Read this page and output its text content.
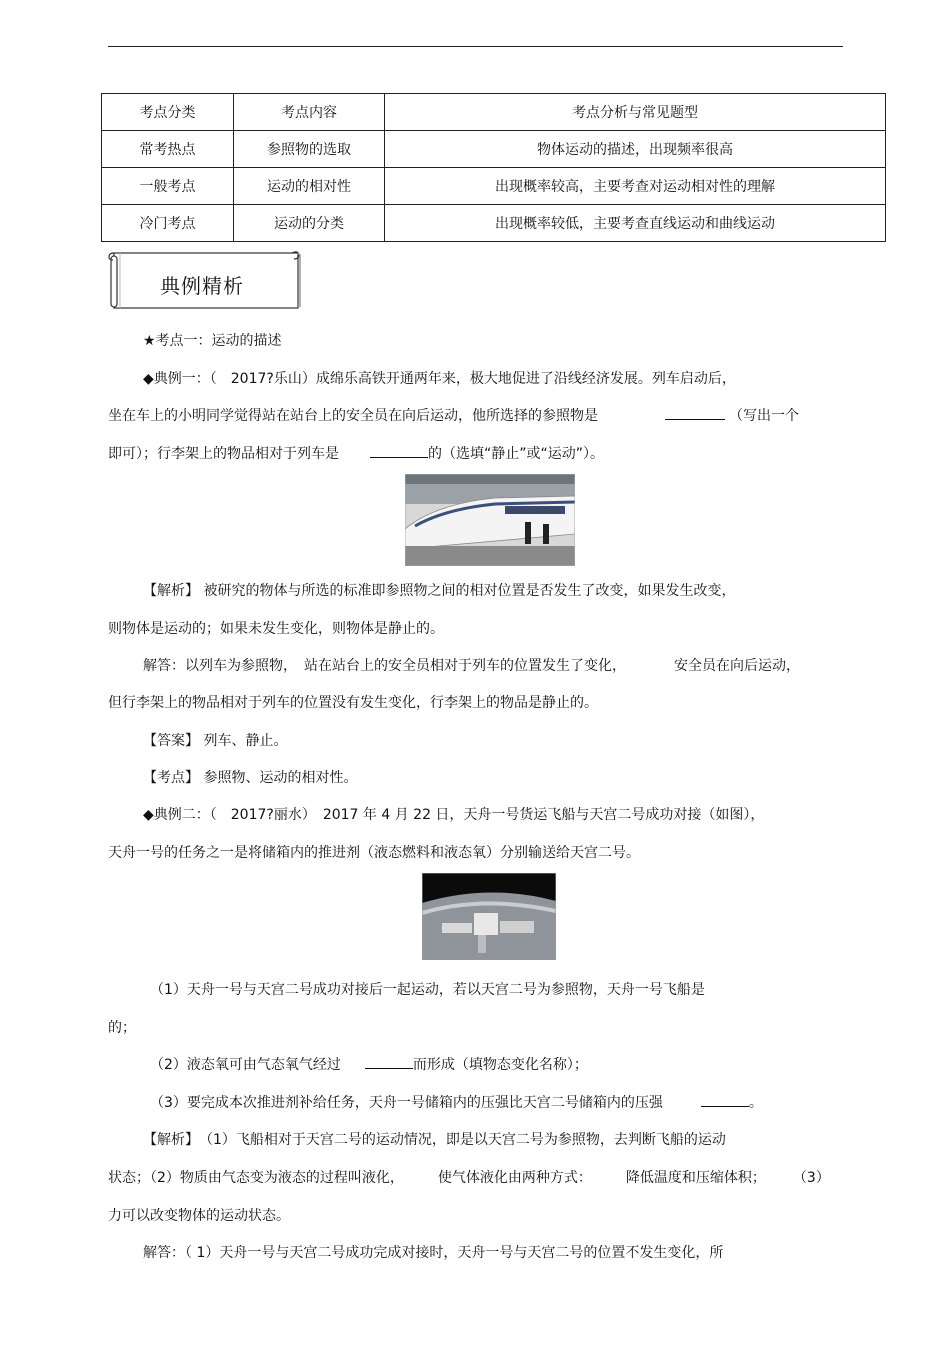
考点分类	考点内容	考点分析与常见题型
常考热点	参照物的选取	物体运动的描述，出现频率很高
一般考点	运动的相对性	出现概率较高，主要考查对运动相对性的理解
冷门考点	运动的分类	出现概率较低，主要考查直线运动和曲线运动
典例精析
★考点一：运动的描述
◆典例一：（　2017?乐山）成绵乐高铁开通两年来，极大地促进了沿线经济发展。列车启动后，
坐在车上的小明同学觉得站在站台上的安全员在向后运动，他所选择的参照物是	（写出一个
即可）；行李架上的物品相对于列车是	的（选填“静止”或“运动”）。
【解析】 被研究的物体与所选的标准即参照物之间的相对位置是否发生了改变，如果发生改变，
则物体是运动的；如果未发生变化，则物体是静止的。
解答：以列车为参照物，　站在站台上的安全员相对于列车的位置发生了变化，	安全员在向后运动，
但行李架上的物品相对于列车的位置没有发生变化，行李架上的物品是静止的。
【答案】 列车、静止。
【考点】 参照物、运动的相对性。
◆典例二：（　2017?丽水）　2017 年 4 月 22 日，天舟一号货运飞船与天宫二号成功对接（如图），
天舟一号的任务之一是将储箱内的推进剂（液态燃料和液态氧）分别输送给天宫二号。
（1）天舟一号与天宫二号成功对接后一起运动，若以天宫二号为参照物，天舟一号飞船是
的；
（2）液态氧可由气态氧气经过	而形成（填物态变化名称）；
（3）要完成本次推进剂补给任务，天舟一号储箱内的压强比天宫二号储箱内的压强	。
【解析】　（1）飞船相对于天宫二号的运动情况，即是以天宫二号为参照物，去判断飞船的运动
状态；（2）物质由气态变为液态的过程叫液化， 使气体液化由两种方式： 降低温度和压缩体积； （3）
力可以改变物体的运动状态。
解答：（ 1）天舟一号与天宫二号成功完成对接时，天舟一号与天宫二号的位置不发生变化，所
